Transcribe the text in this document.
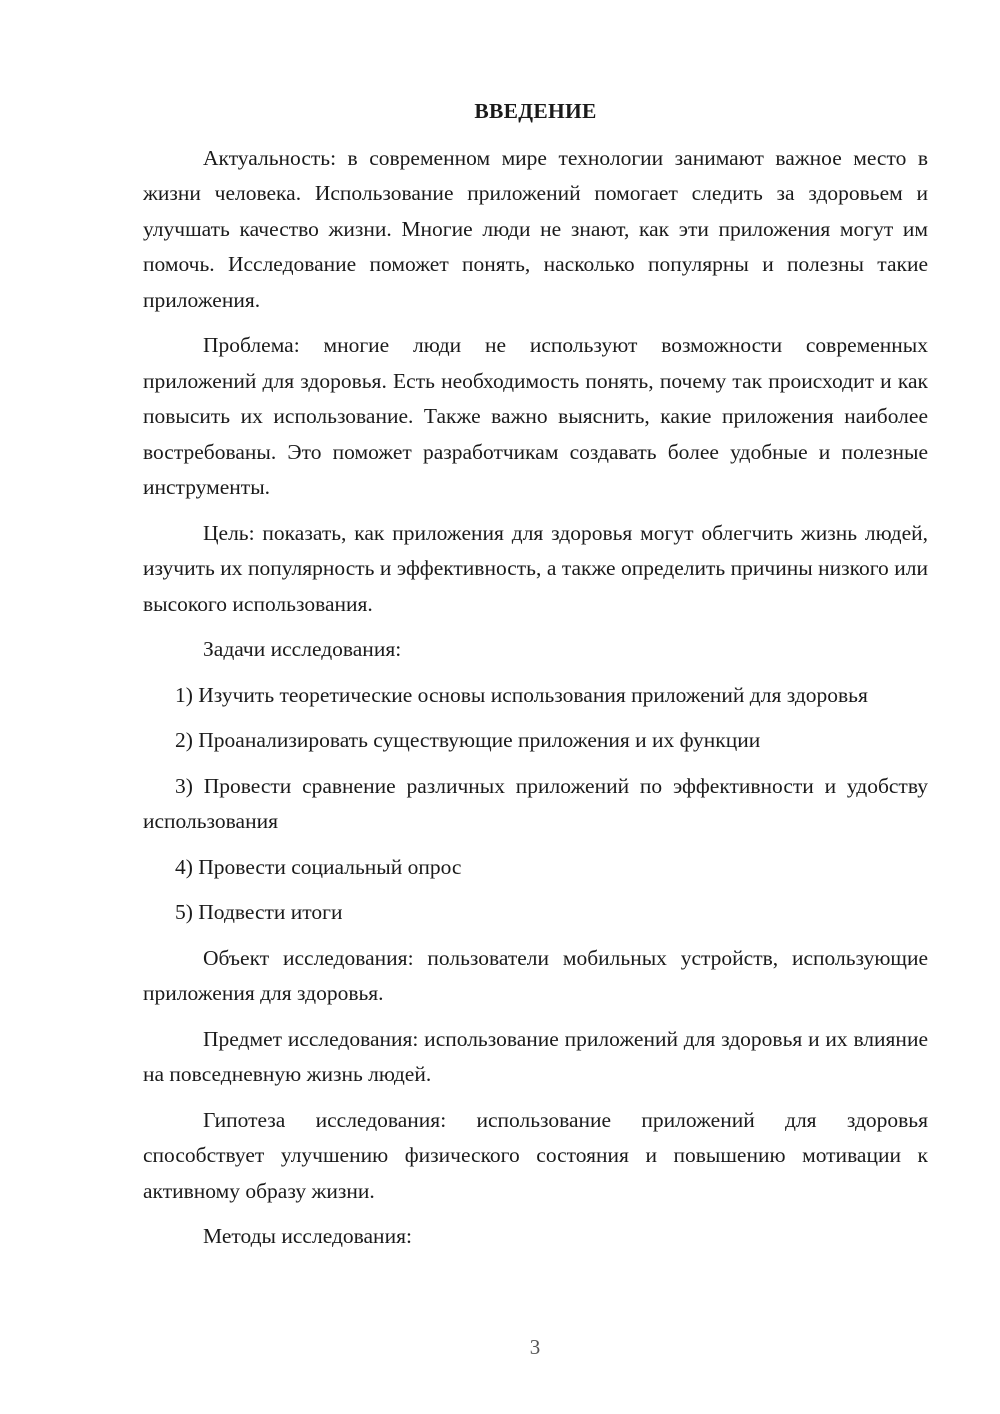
ВВЕДЕНИЕ

Актуальность: в современном мире технологии занимают важное место в жизни человека. Использование приложений помогает следить за здоровьем и улучшать качество жизни. Многие люди не знают, как эти приложения могут им помочь. Исследование поможет понять, насколько популярны и полезны такие приложения.

Проблема: многие люди не используют возможности современных приложений для здоровья. Есть необходимость понять, почему так происходит и как повысить их использование. Также важно выяснить, какие приложения наиболее востребованы. Это поможет разработчикам создавать более удобные и полезные инструменты.

Цель: показать, как приложения для здоровья могут облегчить жизнь людей, изучить их популярность и эффективность, а также определить причины низкого или высокого использования.

Задачи исследования:

1) Изучить теоретические основы использования приложений для здоровья

2) Проанализировать существующие приложения и их функции

3) Провести сравнение различных приложений по эффективности и удобству использования

4) Провести социальный опрос

5) Подвести итоги

Объект исследования: пользователи мобильных устройств, использующие приложения для здоровья.

Предмет исследования: использование приложений для здоровья и их влияние на повседневную жизнь людей.

Гипотеза исследования: использование приложений для здоровья способствует улучшению физического состояния и повышению мотивации к активному образу жизни.

Методы исследования:

3
